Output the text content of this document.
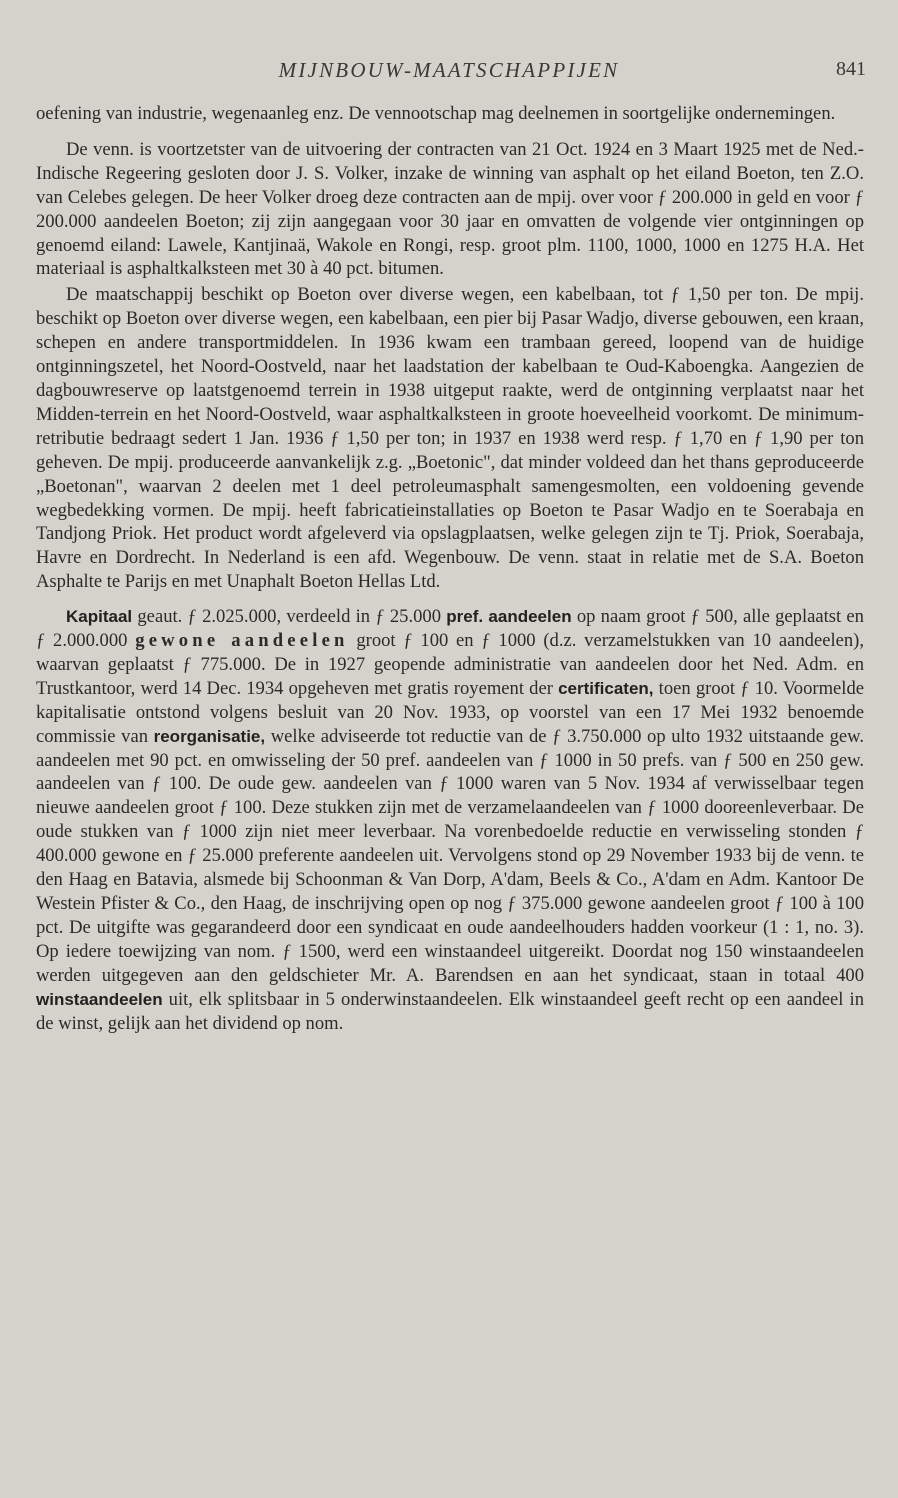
MIJNBOUW-MAATSCHAPPIJEN	841

oefening van industrie, wegenaanleg enz. De vennootschap mag deelnemen in soortgelijke ondernemingen.

De venn. is voortzetster van de uitvoering der contracten van 21 Oct. 1924 en 3 Maart 1925 met de Ned.-Indische Regeering gesloten door J. S. Volker, inzake de winning van asphalt op het eiland Boeton, ten Z.O. van Celebes gelegen. De heer Volker droeg deze contracten aan de mpij. over voor ƒ 200.000 in geld en voor ƒ 200.000 aandeelen Boeton; zij zijn aangegaan voor 30 jaar en omvatten de volgende vier ontginningen op genoemd eiland: Lawele, Kantjinaä, Wakole en Rongi, resp. groot plm. 1100, 1000, 1000 en 1275 H.A. Het materiaal is asphaltkalksteen met 30 à 40 pct. bitumen.

De maatschappij beschikt op Boeton over diverse wegen, een kabelbaan, tot ƒ 1,50 per ton. De mpij. beschikt op Boeton over diverse wegen, een kabelbaan, een pier bij Pasar Wadjo, diverse gebouwen, een kraan, schepen en andere transportmiddelen. In 1936 kwam een trambaan gereed, loopend van de huidige ontginningszetel, het Noord-Oostveld, naar het laadstation der kabelbaan te Oud-Kaboengka. Aangezien de dagbouwreserve op laatstgenoemd terrein in 1938 uitgeput raakte, werd de ontginning verplaatst naar het Midden-terrein en het Noord-Oostveld, waar asphaltkalksteen in groote hoeveelheid voorkomt. De minimum-retributie bedraagt sedert 1 Jan. 1936 ƒ 1,50 per ton; in 1937 en 1938 werd resp. ƒ 1,70 en ƒ 1,90 per ton geheven. De mpij. produceerde aanvankelijk z.g. „Boetonic", dat minder voldeed dan het thans geproduceerde „Boetonan", waarvan 2 deelen met 1 deel petroleumasphalt samengesmolten, een voldoening gevende wegbedekking vormen. De mpij. heeft fabricatieinstallaties op Boeton te Pasar Wadjo en te Soerabaja en Tandjong Priok. Het product wordt afgeleverd via opslagplaatsen, welke gelegen zijn te Tj. Priok, Soerabaja, Havre en Dordrecht. In Nederland is een afd. Wegenbouw. De venn. staat in relatie met de S.A. Boeton Asphalte te Parijs en met Unaphalt Boeton Hellas Ltd.

Kapitaal geaut. ƒ 2.025.000, verdeeld in ƒ 25.000 pref. aandeelen op naam groot ƒ 500, alle geplaatst en ƒ 2.000.000 gewone aandeelen groot ƒ 100 en ƒ 1000 (d.z. verzamelstukken van 10 aandeelen), waarvan geplaatst ƒ 775.000. De in 1927 geopende administratie van aandeelen door het Ned. Adm. en Trustkantoor, werd 14 Dec. 1934 opgeheven met gratis royement der certificaten, toen groot ƒ 10. Voormelde kapitalisatie ontstond volgens besluit van 20 Nov. 1933, op voorstel van een 17 Mei 1932 benoemde commissie van reorganisatie, welke adviseerde tot reductie van de ƒ 3.750.000 op ulto 1932 uitstaande gew. aandeelen met 90 pct. en omwisseling der 50 pref. aandeelen van ƒ 1000 in 50 prefs. van ƒ 500 en 250 gew. aandeelen van ƒ 100. De oude gew. aandeelen van ƒ 1000 waren van 5 Nov. 1934 af verwisselbaar tegen nieuwe aandeelen groot ƒ 100. Deze stukken zijn met de verzamelaandeelen van ƒ 1000 dooreenleverbaar. De oude stukken van ƒ 1000 zijn niet meer leverbaar. Na vorenbedoelde reductie en verwisseling stonden ƒ 400.000 gewone en ƒ 25.000 preferente aandeelen uit. Vervolgens stond op 29 November 1933 bij de venn. te den Haag en Batavia, alsmede bij Schoonman & Van Dorp, A'dam, Beels & Co., A'dam en Adm. Kantoor De Westein Pfister & Co., den Haag, de inschrijving open op nog ƒ 375.000 gewone aandeelen groot ƒ 100 à 100 pct. De uitgifte was gegarandeerd door een syndicaat en oude aandeelhouders hadden voorkeur (1 : 1, no. 3). Op iedere toewijzing van nom. ƒ 1500, werd een winstaandeel uitgereikt. Doordat nog 150 winstaandeelen werden uitgegeven aan den geldschieter Mr. A. Barendsen en aan het syndicaat, staan in totaal 400 winstaandeelen uit, elk splitsbaar in 5 onderwinstaandeelen. Elk winstaandeel geeft recht op een aandeel in de winst, gelijk aan het dividend op nom.
